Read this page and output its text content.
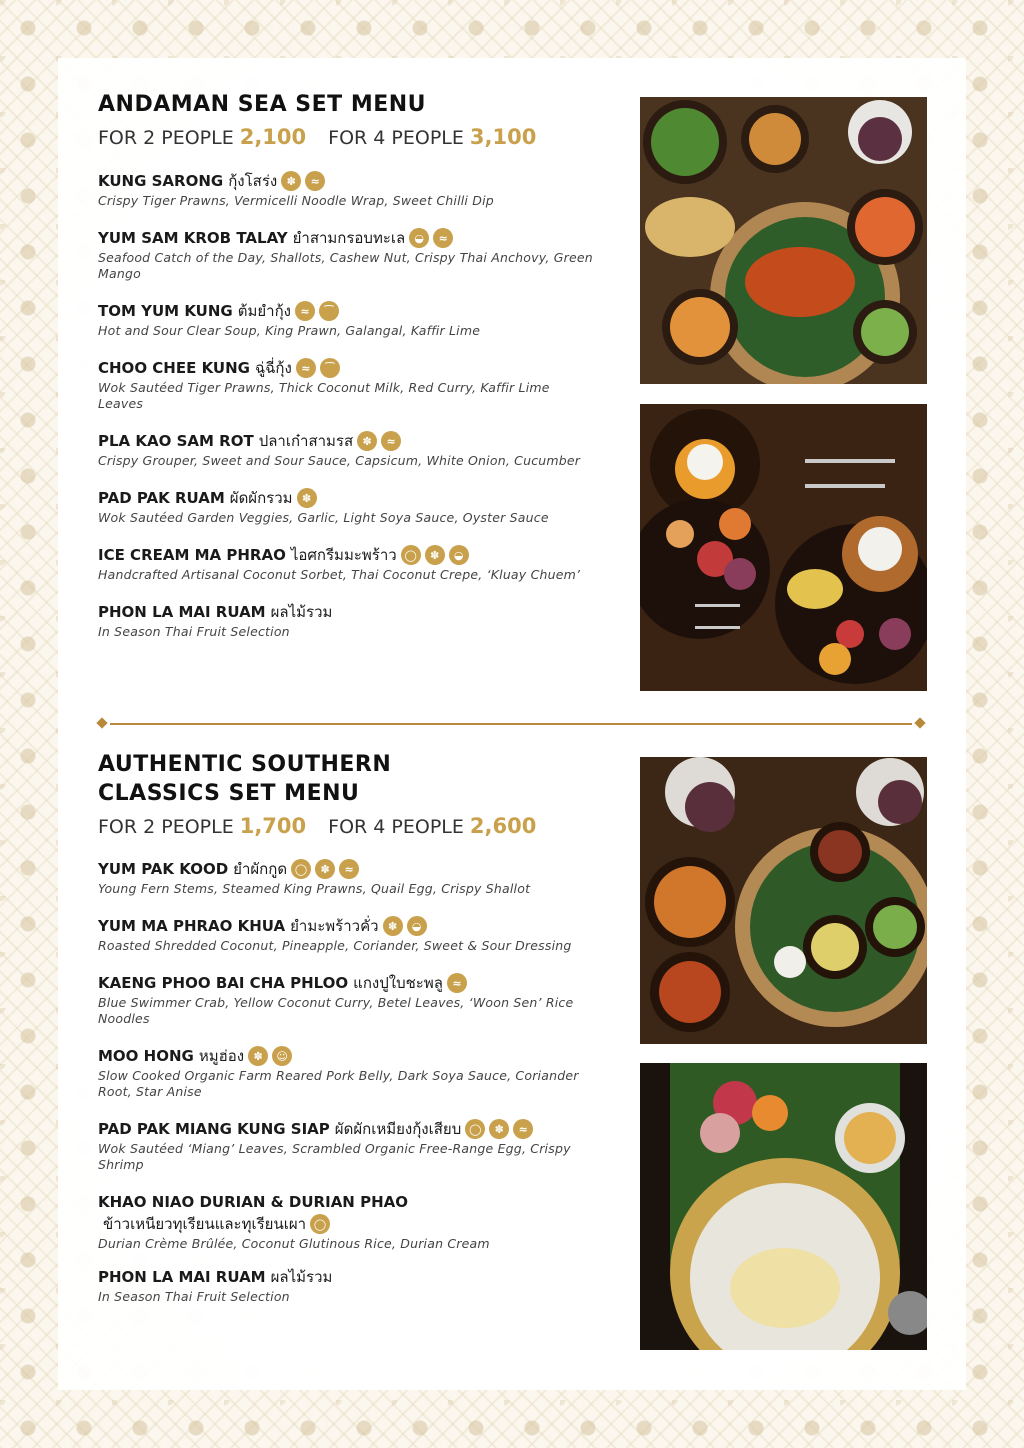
ANDAMAN SEA SET MENU
FOR 2 PEOPLE 2,100 FOR 4 PEOPLE 3,100
KUNG SARONG กุ้งโสร่ง ✽	≈
Crispy Tiger Prawns, Vermicelli Noodle Wrap, Sweet Chilli Dip
YUM SAM KROB TALAY ยำสามกรอบทะเล ◒	≈
Seafood Catch of the Day, Shallots, Cashew Nut, Crispy Thai Anchovy, Green Mango
TOM YUM KUNG ต้มยำกุ้ง ≈	⁀
Hot and Sour Clear Soup, King Prawn, Galangal, Kaffir Lime
CHOO CHEE KUNG ฉู่ฉี่กุ้ง ≈	⁀
Wok Sautéed Tiger Prawns, Thick Coconut Milk, Red Curry, Kaffir Lime Leaves
PLA KAO SAM ROT ปลาเก๋าสามรส ✽	≈
Crispy Grouper, Sweet and Sour Sauce, Capsicum, White Onion, Cucumber
PAD PAK RUAM ผัดผักรวม ✽
Wok Sautéed Garden Veggies, Garlic, Light Soya Sauce, Oyster Sauce
ICE CREAM MA PHRAO ไอศกรีมมะพร้าว ◯	✽	◒
Handcrafted Artisanal Coconut Sorbet, Thai Coconut Crepe, ‘Kluay Chuem’
PHON LA MAI RUAM ผลไม้รวม
In Season Thai Fruit Selection
AUTHENTIC SOUTHERN
CLASSICS SET MENU
FOR 2 PEOPLE 1,700 FOR 4 PEOPLE 2,600
YUM PAK KOOD ยำผักกูด ◯	✽	≈
Young Fern Stems, Steamed King Prawns, Quail Egg, Crispy Shallot
YUM MA PHRAO KHUA ยำมะพร้าวคั่ว ✽	◒
Roasted Shredded Coconut, Pineapple, Coriander, Sweet & Sour Dressing
KAENG PHOO BAI CHA PHLOO แกงปูใบชะพลู ≈
Blue Swimmer Crab, Yellow Coconut Curry, Betel Leaves, ‘Woon Sen’ Rice Noodles
MOO HONG หมูฮ่อง ✽	☺
Slow Cooked Organic Farm Reared Pork Belly, Dark Soya Sauce, Coriander Root, Star Anise
PAD PAK MIANG KUNG SIAP ผัดผักเหมียงกุ้งเสียบ ◯	✽	≈
Wok Sautéed ‘Miang’ Leaves, Scrambled Organic Free-Range Egg, Crispy Shrimp
KHAO NIAO DURIAN & DURIAN PHAO
ข้าวเหนียวทุเรียนและทุเรียนเผา ◯
Durian Crème Brûlée, Coconut Glutinous Rice, Durian Cream
PHON LA MAI RUAM ผลไม้รวม
In Season Thai Fruit Selection
